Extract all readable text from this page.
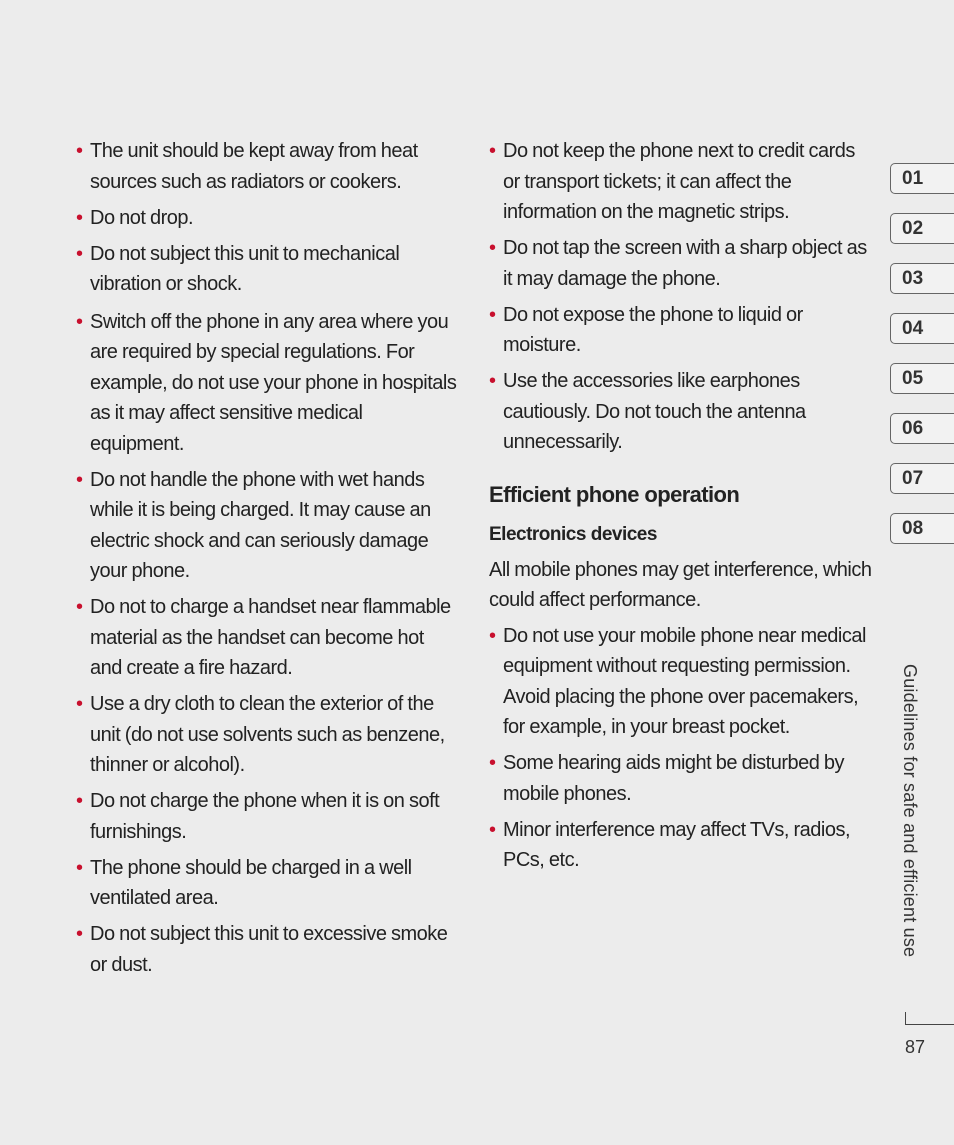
• The unit should be kept away from heat sources such as radiators or cookers.
• Do not drop.
• Do not subject this unit to mechanical vibration or shock.
• Switch off the phone in any area where you are required by special regulations. For example, do not use your phone in hospitals as it may affect sensitive medical equipment.
• Do not handle the phone with wet hands while it is being charged. It may cause an electric shock and can seriously damage your phone.
• Do not to charge a handset near flammable material as the handset can become hot and create a fire hazard.
• Use a dry cloth to clean the exterior of the unit (do not use solvents such as benzene, thinner or alcohol).
• Do not charge the phone when it is on soft furnishings.
• The phone should be charged in a well ventilated area.
• Do not subject this unit to excessive smoke or dust.
• Do not keep the phone next to credit cards or transport tickets; it can affect the information on the magnetic strips.
• Do not tap the screen with a sharp object as it may damage the phone.
• Do not expose the phone to liquid or moisture.
• Use the accessories like earphones cautiously. Do not touch the antenna unnecessarily.
Efficient phone operation
Electronics devices

All mobile phones may get interference, which could affect performance.

• Do not use your mobile phone near medical equipment without requesting permission. Avoid placing the phone over pacemakers, for example, in your breast pocket.
• Some hearing aids might be disturbed by mobile phones.
• Minor interference may affect TVs, radios, PCs, etc.
01
02
03
04
05
06
07
08
Guidelines for safe and efficient use
87
